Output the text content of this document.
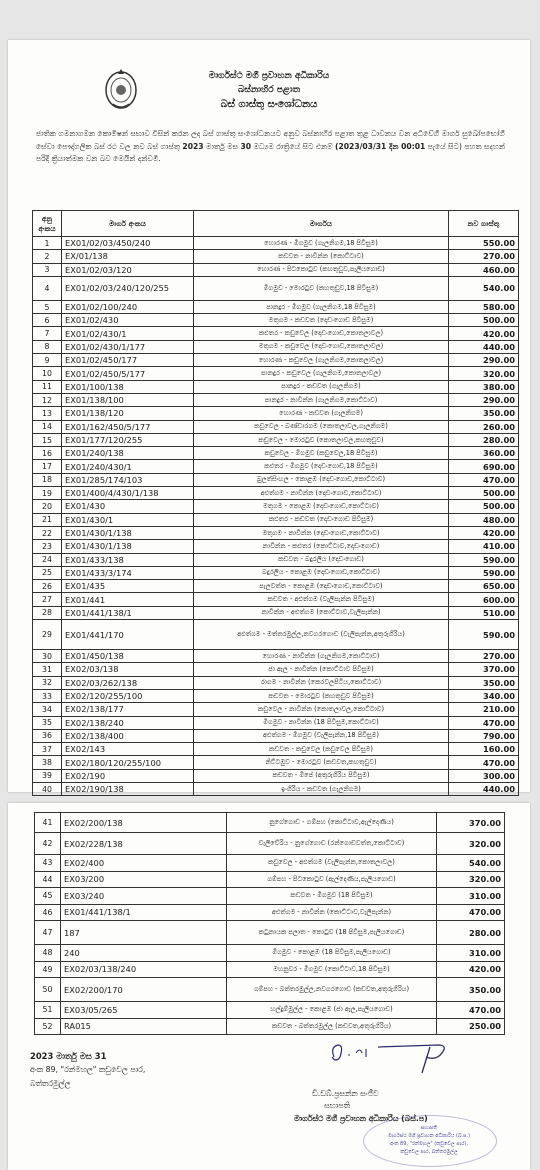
මාර්ගස්ථ මගී ප්‍රවාහන අධිකාරිය
බස්නාහිර පළාත
බස් ගාස්තු සංශෝධනය
ජාතික ගමනාගමන කොමිෂන් සභාව විසින් කරන ලද බස් ගාස්තු සංශෝධනයට අනුව බස්නාහිර පළාත තුළ ධාවනය වන අධිවේගී මාර්ග සුඛෝපභෝගී සේවා පෞද්ගලික බස් රථ වල නව බස් ගාස්තු 2023 මාර්තු මස 30 මධ්‍යම රාත්‍රියේ සිට එනම් (2023/03/31 දින 00:01 පැයේ සිට) පහත සදහන් පරිදි ක්‍රියාත්මක වන බව මෙයින් දන්වමි.
අනු අංකය	මාර්ග අංකය	මාර්ගය	නව ගාස්තු
1	EX01/02/03/450/240	හොරණ - මීගමුව (ගැලනිගම,18 පිවිසුම)	550.00
2	EX/01/138	කඩවත - නාවින්න (කොට්ටාව)	270.00
3	EX01/02/03/120	හොරණ - පිටකොටුව (කහතුඩුව,පැලියගොඩ)	460.00
4	EX01/02/03/240/120/255	මීගමුව - මොරටුව (කහතුඩුව,18 පිවිසුම)	540.00
5	EX01/02/100/240	පානදුර - මීගමුව (ගැලනිගම,18 පිවිසුම)	580.00
6	EX01/02/430	මතුගම - කඩවත (දොඩංගොඩ පිවිසුම)	500.00
7	EX01/02/430/1	කළුතර - කඩුවෙල (දොඩංගොඩ,කොතලාවල)	420.00
8	EX01/02/430/1/177	මතුගම - කඩුවෙල (දොඩංගොඩ,කොතලාවල)	440.00
9	EX01/02/450/177	හොරණ - කඩුවෙල (ගැලනිගම,කොතලාවල)	290.00
10	EX01/02/450/5/177	පානදුර - කඩුවෙල (ගැලනිගම,කොතලාවල)	320.00
11	EX01/100/138	පානදුර - කඩවත (ගැලනිගම)	380.00
12	EX01/138/100	පානදුර - නාවින්න (ගැලනිගම,කොට්ටාව)	290.00
13	EX01/138/120	හොරණ - කඩවත (ගැලනිගම)	350.00
14	EX01/162/450/5/177	කඩුවෙල - බණ්ඩාරගම (කොතලාවල,ගැලනිගම)	260.00
15	EX01/177/120/255	කඩුවෙල - මොරටුව (කොතලාවල,කහතුඩුව)	280.00
16	EX01/240/138	කඩුවෙල - මීගමුව (කඩුවෙල,18 පිවිසුම)	360.00
17	EX01/240/430/1	කළුතර - මීගමුව (දොඩංගොඩ,18 පිවිසුම)	690.00
18	EX01/285/174/103	බුලත්සිංහල - කොළඹ (දොඩංගොඩ,කොට්ටාව)	470.00
19	EX01/400/4/430/1/138	අළුත්ගම - නාවින්න (දොඩංගොඩ,කොට්ටාව)	500.00
20	EX01/430	මතුගම - කොළඹ (දොඩංගොඩ,කොට්ටාව)	500.00
21	EX01/430/1	කළුතර - කඩවත (දොඩංගොඩ පිවිසුම)	480.00
22	EX01/430/1/138	මතුගම - නාවින්න (දොඩංගොඩ,කොට්ටාව)	420.00
23	EX01/430/1/138	නාවින්න - කළුතර (කොට්ටාව,දොඩංගොඩ)	410.00
24	EX01/433/138	කඩවත - බදුරලිය (දොඩංගොඩ)	590.00
25	EX01/433/3/174	බදුරලිය - කොළඹ (දොඩංගොඩ,කොට්ටාව)	590.00
26	EX01/435	පැලවත්ත - කොළඹ (දොඩංගොඩ,කොට්ටාව)	650.00
27	EX01/441	කඩවත - අළුත්ගම (වැලිපැන්න පිවිසුම)	600.00
28	EX01/441/138/1	නාවින්න - අළුත්ගම (කොට්ටාව,වැලිපැන්න)	510.00
29	EX01/441/170	අළුත්ගම - මත්තරමුල්ල,නවගරගොඩ (වැලිපැන්න,අතුරුගිරිය)	590.00
30	EX01/450/138	හොරණ - නාවින්න (ගැලනිගම,කොට්ටාව)	270.00
31	EX02/03/138	ජා ඇල - නාවින්න (කොට්ටාව පිවිසුම)	370.00
32	EX02/03/262/138	රාගම - නාවින්න (කෙරවලපිටිය,කොට්ටාව)	350.00
33	EX02/120/255/100	කඩවත - මොරටුව (කහතුඩුව පිවිසුම)	340.00
34	EX02/138/177	කඩුවෙල - නාවින්න (කොතලාවල,කොට්ටාව)	210.00
35	EX02/138/240	මීගමුව - නාවින්න (18 පිවිසුම,කොට්ටාව)	470.00
36	EX02/138/400	අළුත්ගම - මීගමුව (වැලිපැන්න,18 පිවිසුම)	790.00
37	EX02/143	කඩවත - කඩුවෙල (කඩුවෙල පිවිසුම)	160.00
38	EX02/180/120/255/100	නිට්ටඹුව - මොරටුව (කඩවත,කහතුඩුව)	470.00
39	EX02/190	කඩවත - මීපේ (අතුරුගිරිය පිවිසුම)	300.00
40	EX02/190/138	ඉංගිරිය - කඩවත (ගැලනිගම)	440.00
41	EX02/200/138	නුගේගොඩ - ගම්පහ (කොට්ටාව,ඇල්දෙණිය)	370.00
42	EX02/228/138	වැලිවේරිය - නුගේගොඩ (රන්ගොඩවත්ත,කොට්ටාව)	320.00
43	EX02/400	කඩුවෙල - අළුත්ගම (වැලිපැන්න,කොතලාවල)	540.00
44	EX03/200	ගම්පහ - පිටකොටුව (ඇල්දෙණිය,පැලියගොඩ)	320.00
45	EX03/240	කඩවත - මීගමුව (18 පිවිසුම)	310.00
46	EX01/441/138/1	අළුත්ගම - නාවින්න (කොට්ටාව,වැලිපැන්න)	470.00
47	187	කටුනායක පලාත - කොටුව (18 පිවිසුම,පැලියගොඩ)	280.00
48	240	මීගමුව - කොළඹ (18 පිවිසුම,පැලියගොඩ)	310.00
49	EX02/03/138/240	මහනුවර - මීගමුව (කොට්ටාව,18 පිවිසුම)	420.00
50	EX02/200/170	ගම්පහ - බත්තරමුල්ල,නවගරගොඩ (කඩවත,අතුරුගිරිය)	350.00
51	EX03/05/265	හල්දුම්මුල්ල - කොළඹ (ජා ඇල,පැලියගොඩ)	470.00
52	RA015	කඩවත - බත්තරමුල්ල (කඩවත,අතුරුගිරිය)	250.00
2023 මාර්තු මස 31
අංක 89, "රන්මහල" කඩුවෙල පාර,
බත්තරමුල්ල
ඩී.ඩබ්.ප්‍රසන්න සංජීව
සභාපති
මාර්ගස්ථ මගී ප්‍රවාහන අධිකාරිය (බස්.ප)
සභාපති
මාර්ගස්ථ මගී ප්‍රවාහන අධිකාරිය (බ.ප.)
අංක 89, "රන්මහල" (කඩුවෙල පාර),
කඩුවෙල පාර, බත්තරමුල්ල
